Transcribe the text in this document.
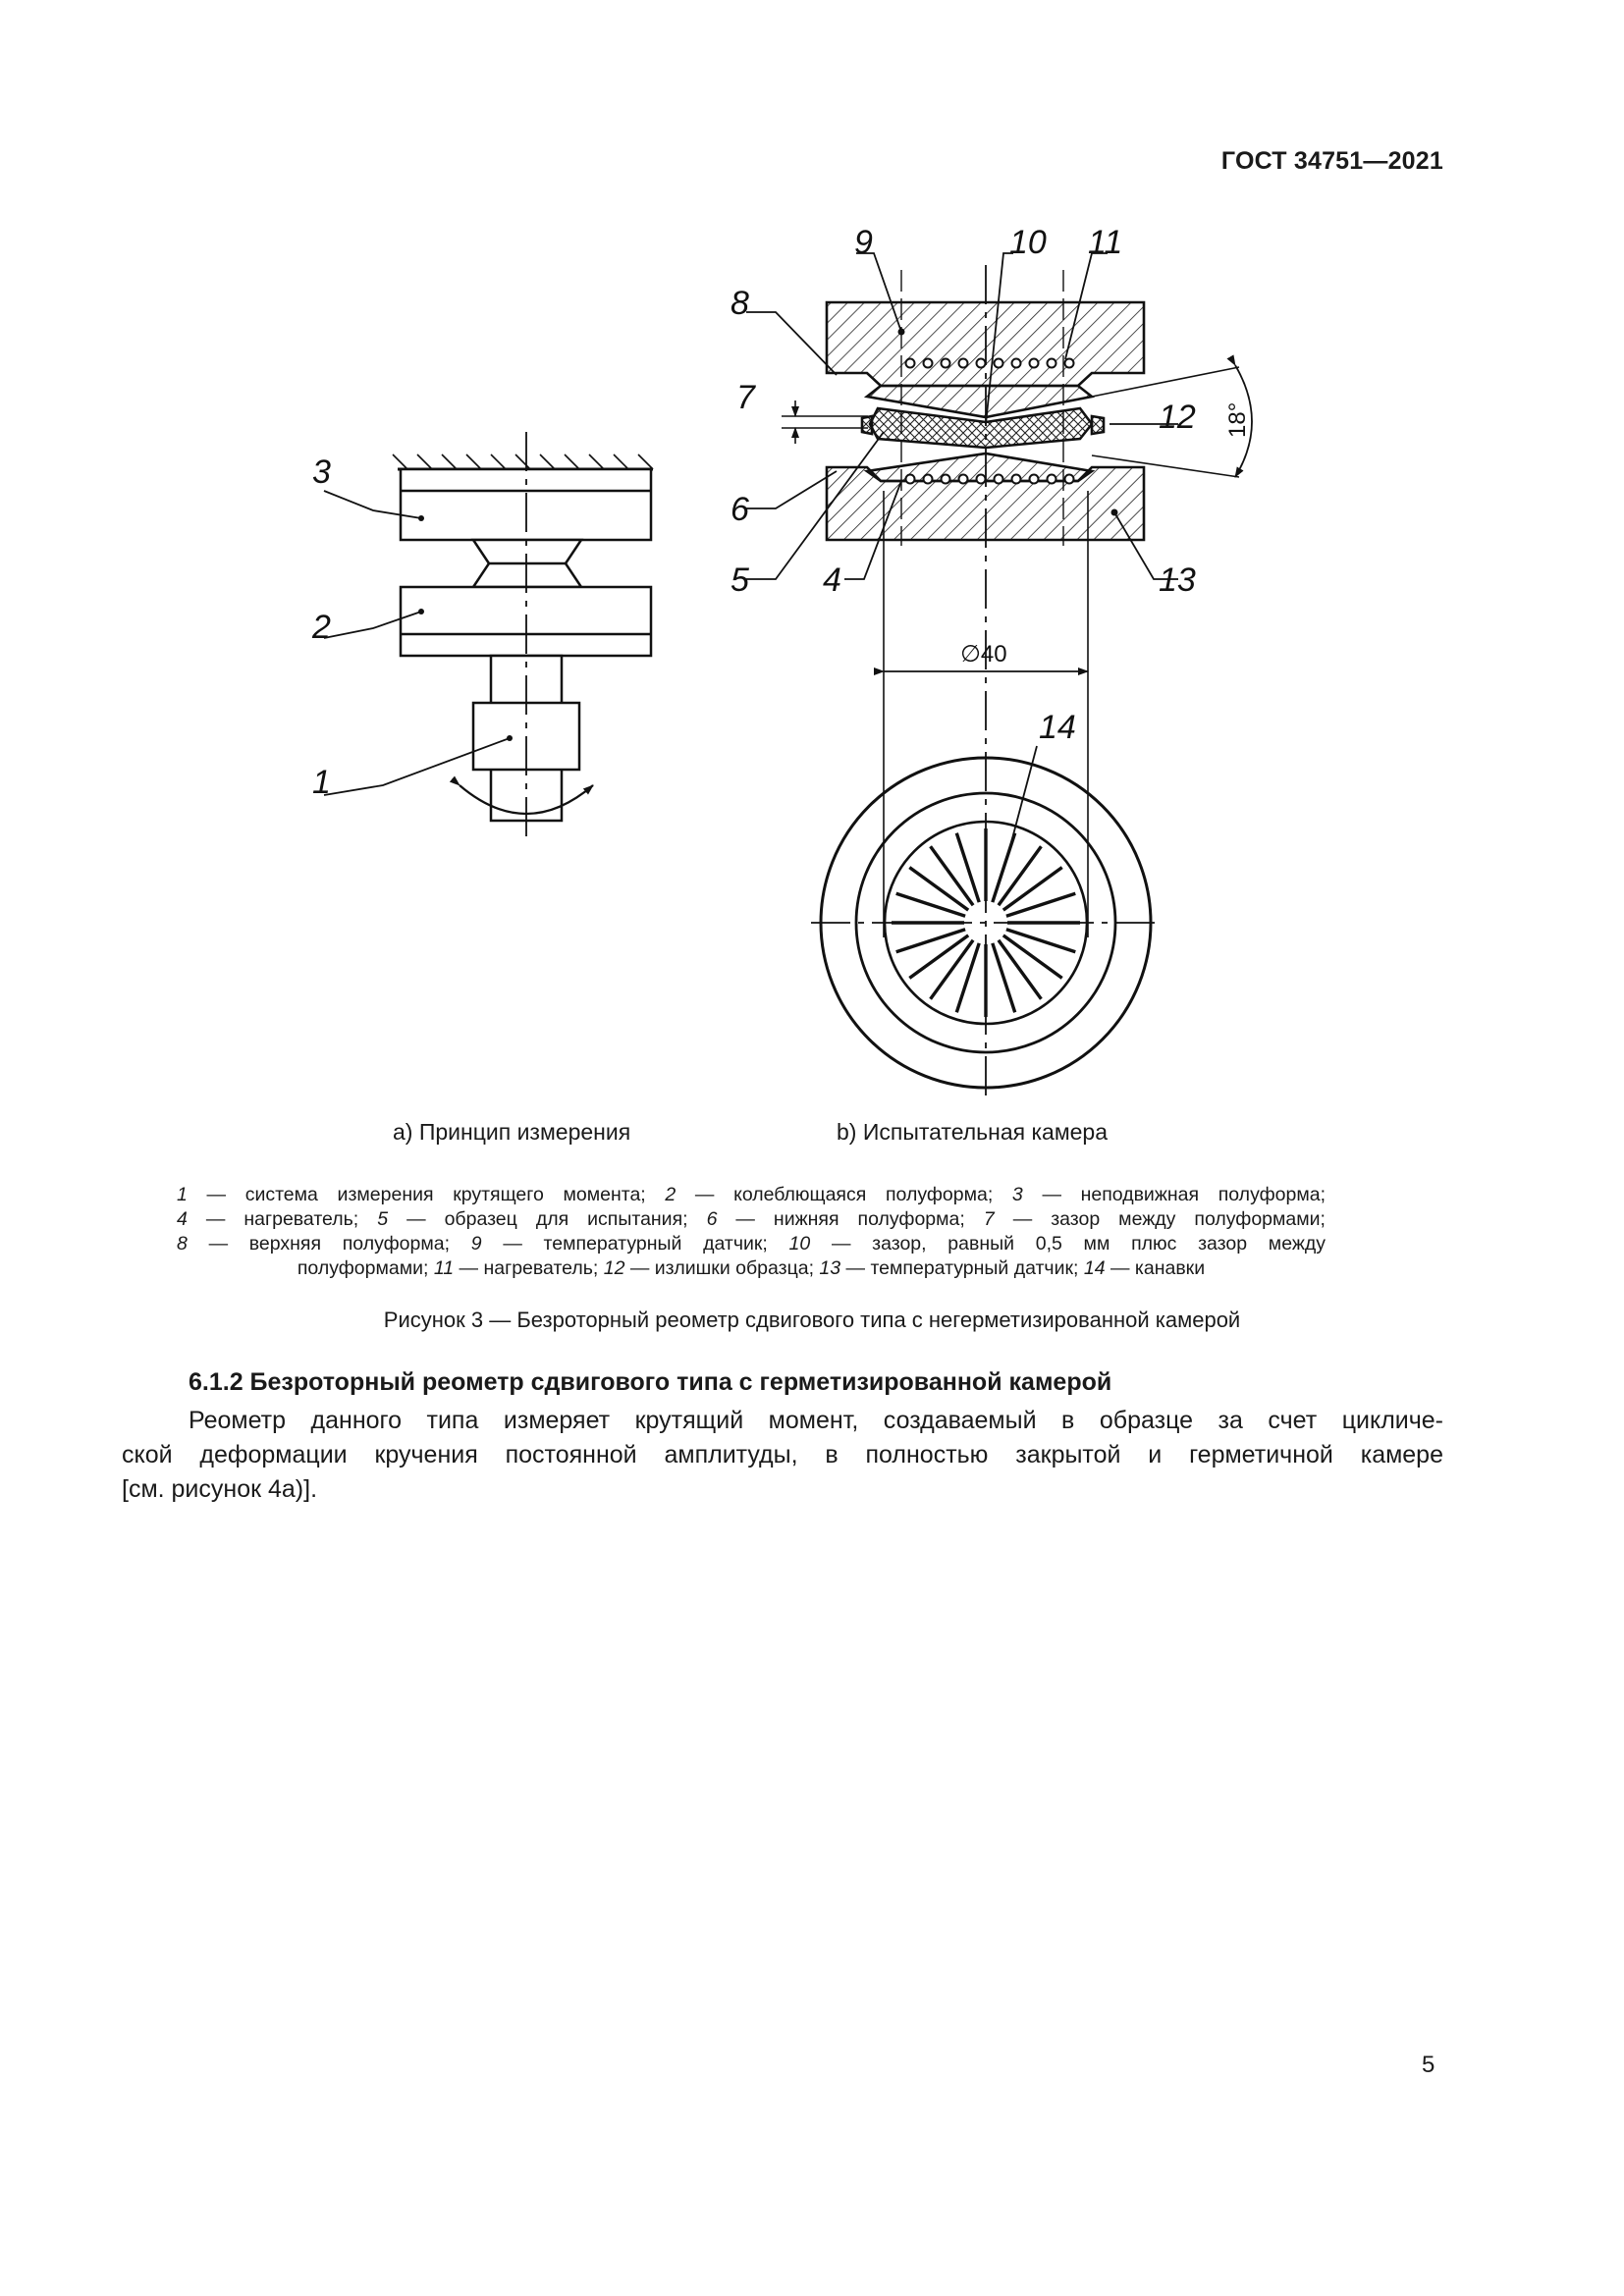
ГОСТ 34751—2021
3
2
1
9	10 11
8
7
12
6
5 4	13
14
18°
∅40
а) Принцип измерения	b) Испытательная камера
1 — система измерения крутящего момента; 2 — колеблющаяся полуформа; 3 — неподвижная полуформа;
4 — нагреватель; 5 — образец для испытания; 6 — нижняя полуформа; 7 — зазор между полуформами;
8 — верхняя полуформа; 9 — температурный датчик; 10 — зазор, равный 0,5 мм плюс зазор между
полуформами; 11 — нагреватель; 12 — излишки образца; 13 — температурный датчик; 14 — канавки
Рисунок 3 — Безроторный реометр сдвигового типа с негерметизированной камерой
6.1.2 Безроторный реометр сдвигового типа с герметизированной камерой
Реометр данного типа измеряет крутящий момент, создаваемый в образце за счет цикличе-
ской деформации кручения постоянной амплитуды, в полностью закрытой и герметичной камере
[см. рисунок 4а)].
5
